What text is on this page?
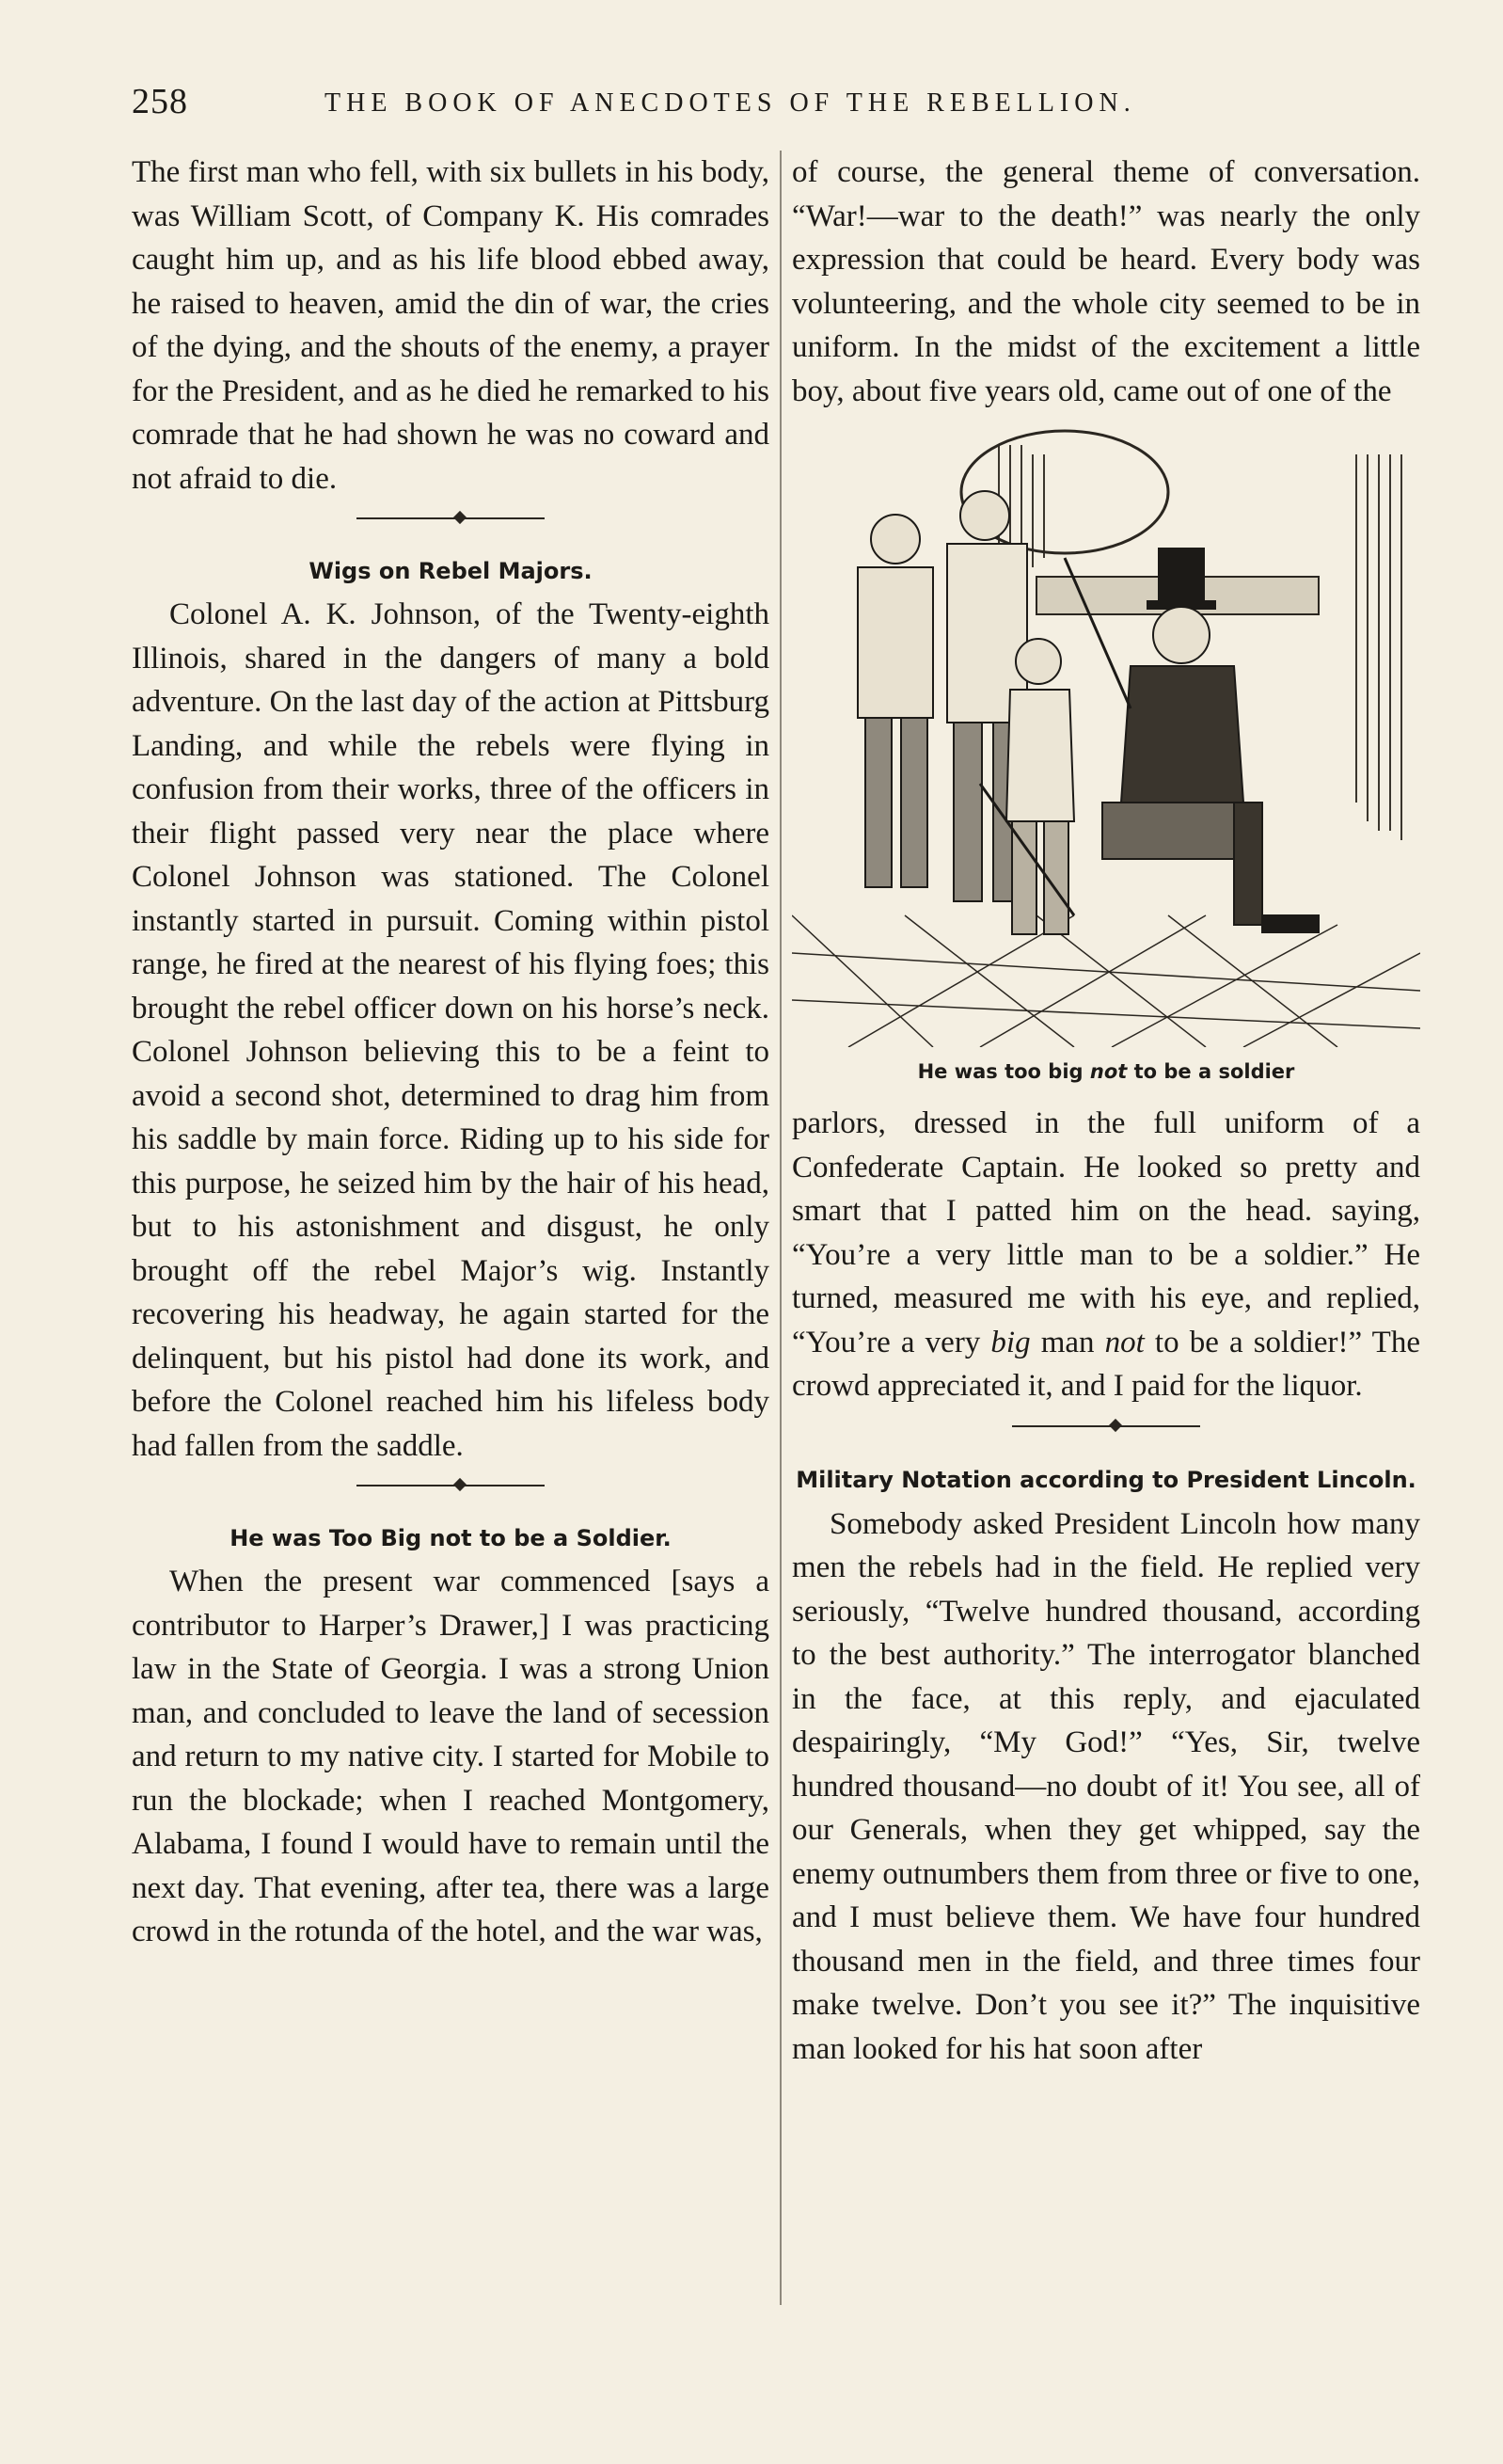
258	THE BOOK OF ANECDOTES OF THE REBELLION.

The first man who fell, with six bullets in his body, was William Scott, of Company K. His comrades caught him up, and as his life blood ebbed away, he raised to heaven, amid the din of war, the cries of the dying, and the shouts of the enemy, a prayer for the President, and as he died he remarked to his comrade that he had shown he was no coward and not afraid to die.

Wigs on Rebel Majors.

Colonel A. K. Johnson, of the Twenty-eighth Illinois, shared in the dangers of many a bold adventure. On the last day of the action at Pittsburg Landing, and while the rebels were flying in confusion from their works, three of the officers in their flight passed very near the place where Colonel Johnson was stationed. The Colonel instantly started in pursuit. Coming within pistol range, he fired at the nearest of his flying foes; this brought the rebel officer down on his horse’s neck. Colonel Johnson believing this to be a feint to avoid a second shot, determined to drag him from his saddle by main force. Riding up to his side for this purpose, he seized him by the hair of his head, but to his astonishment and disgust, he only brought off the rebel Major’s wig. Instantly recovering his headway, he again started for the delinquent, but his pistol had done its work, and before the Colonel reached him his lifeless body had fallen from the saddle.

He was Too Big not to be a Soldier.

When the present war commenced [says a contributor to Harper’s Drawer,] I was practicing law in the State of Georgia. I was a strong Union man, and concluded to leave the land of secession and return to my native city. I started for Mobile to run the blockade; when I reached Montgomery, Alabama, I found I would have to remain until the next day. That evening, after tea, there was a large crowd in the rotunda of the hotel, and the war was,

of course, the general theme of conversation. “War!—war to the death!” was nearly the only expression that could be heard. Every body was volunteering, and the whole city seemed to be in uniform. In the midst of the excitement a little boy, about five years old, came out of one of the

He was too big not to be a soldier

parlors, dressed in the full uniform of a Confederate Captain. He looked so pretty and smart that I patted him on the head. saying, “You’re a very little man to be a soldier.” He turned, measured me with his eye, and replied, “You’re a very big man not to be a soldier!” The crowd appreciated it, and I paid for the liquor.

Military Notation according to President Lincoln.

Somebody asked President Lincoln how many men the rebels had in the field. He replied very seriously, “Twelve hundred thousand, according to the best authority.” The interrogator blanched in the face, at this reply, and ejaculated despairingly, “My God!” “Yes, Sir, twelve hundred thousand—no doubt of it! You see, all of our Generals, when they get whipped, say the enemy outnumbers them from three or five to one, and I must believe them. We have four hundred thousand men in the field, and three times four make twelve. Don’t you see it?” The inquisitive man looked for his hat soon after
